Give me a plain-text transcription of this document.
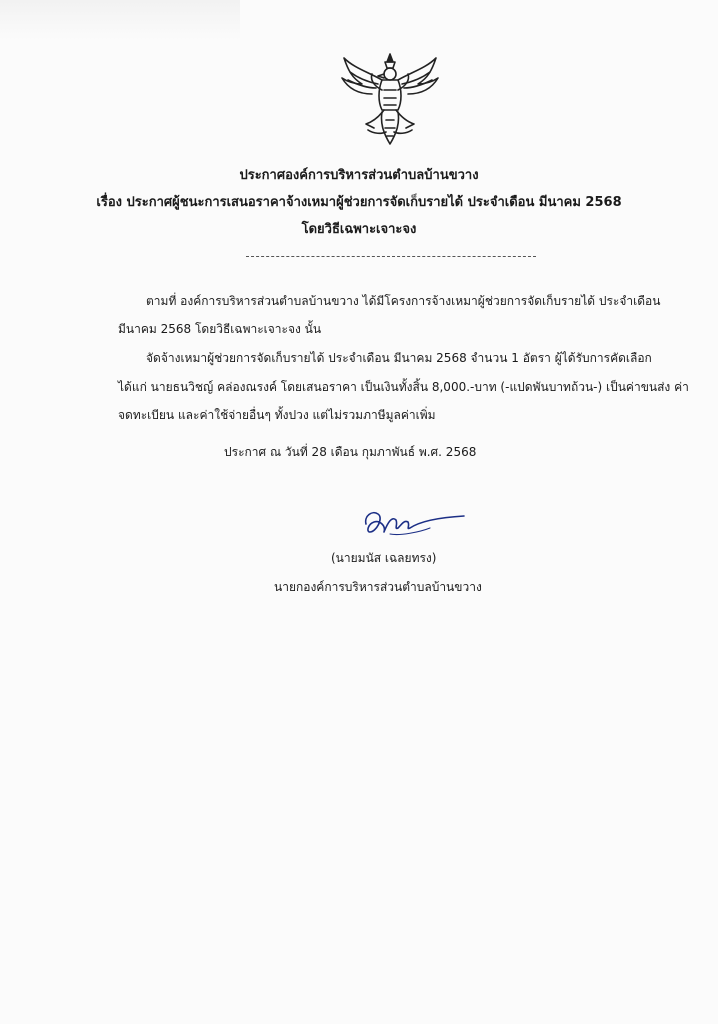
ประกาศองค์การบริหารส่วนตำบลบ้านขวาง
เรื่อง ประกาศผู้ชนะการเสนอราคาจ้างเหมาผู้ช่วยการจัดเก็บรายได้ ประจำเดือน มีนาคม 2568
โดยวิธีเฉพาะเจาะจง
ตามที่ องค์การบริหารส่วนตำบลบ้านขวาง ได้มีโครงการจ้างเหมาผู้ช่วยการจัดเก็บรายได้ ประจำเดือน
มีนาคม 2568 โดยวิธีเฉพาะเจาะจง นั้น
จัดจ้างเหมาผู้ช่วยการจัดเก็บรายได้ ประจำเดือน มีนาคม 2568 จำนวน 1 อัตรา ผู้ได้รับการคัดเลือก
ได้แก่ นายธนวิชญ์ คล่องณรงค์ โดยเสนอราคา เป็นเงินทั้งสิ้น 8,000.-บาท (-แปดพันบาทถ้วน-) เป็นค่าขนส่ง ค่า
จดทะเบียน และค่าใช้จ่ายอื่นๆ ทั้งปวง แต่ไม่รวมภาษีมูลค่าเพิ่ม
ประกาศ ณ วันที่ 28 เดือน กุมภาพันธ์ พ.ศ. 2568
(นายมนัส เฉลยทรง)
นายกองค์การบริหารส่วนตำบลบ้านขวาง
